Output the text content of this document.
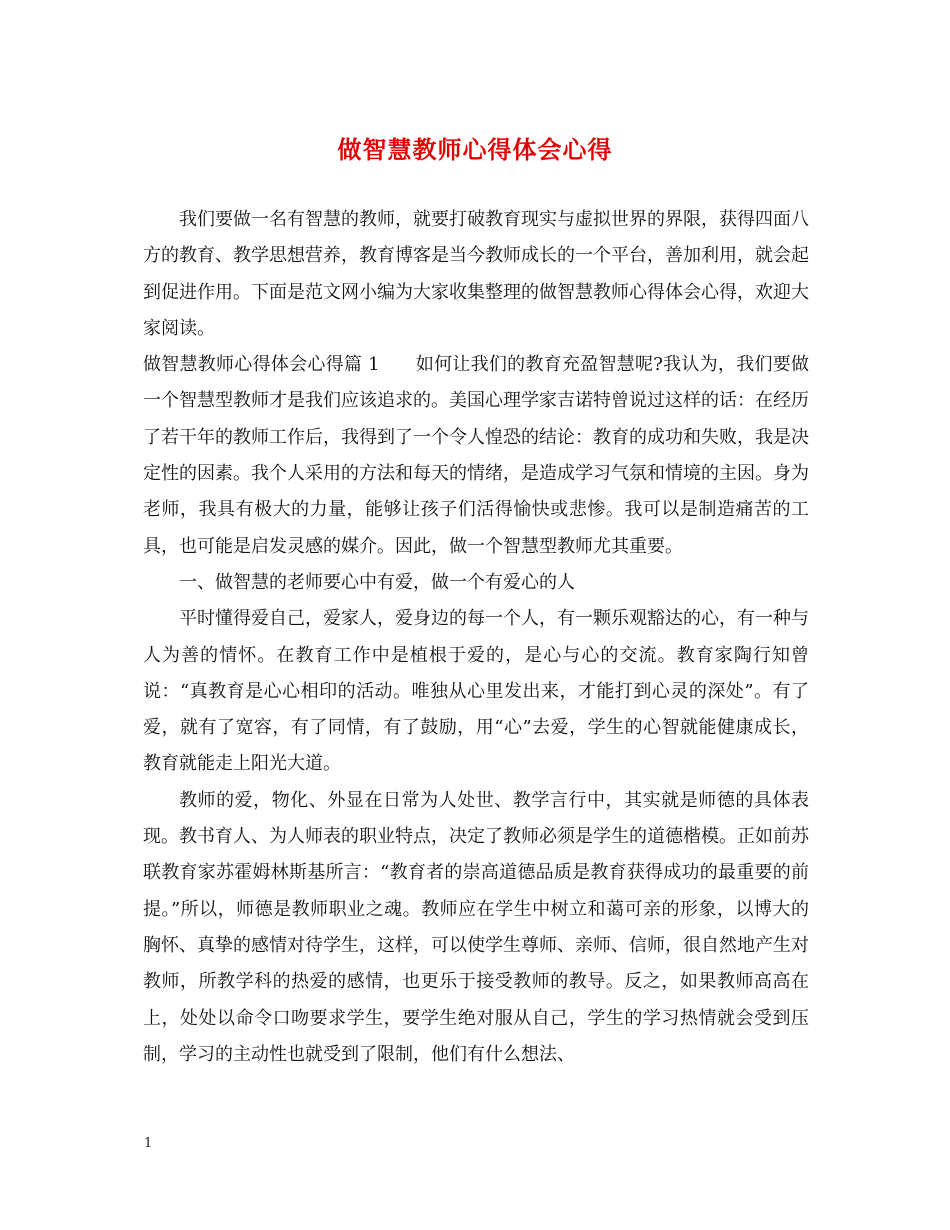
做智慧教师心得体会心得

我们要做一名有智慧的教师，就要打破教育现实与虚拟世界的界限，获得四面八方的教育、教学思想营养，教育博客是当今教师成长的一个平台，善加利用，就会起到促进作用。下面是范文网小编为大家收集整理的做智慧教师心得体会心得，欢迎大家阅读。

做智慧教师心得体会心得篇 1 如何让我们的教育充盈智慧呢?我认为，我们要做一个智慧型教师才是我们应该追求的。美国心理学家吉诺特曾说过这样的话：在经历了若干年的教师工作后，我得到了一个令人惶恐的结论：教育的成功和失败，我是决定性的因素。我个人采用的方法和每天的情绪，是造成学习气氛和情境的主因。身为老师，我具有极大的力量，能够让孩子们活得愉快或悲惨。我可以是制造痛苦的工具，也可能是启发灵感的媒介。因此，做一个智慧型教师尤其重要。

一、做智慧的老师要心中有爱，做一个有爱心的人

平时懂得爱自己，爱家人，爱身边的每一个人，有一颗乐观豁达的心，有一种与人为善的情怀。在教育工作中是植根于爱的，是心与心的交流。教育家陶行知曾说：“真教育是心心相印的活动。唯独从心里发出来，才能打到心灵的深处”。有了爱，就有了宽容，有了同情，有了鼓励，用“心”去爱，学生的心智就能健康成长，教育就能走上阳光大道。

教师的爱，物化、外显在日常为人处世、教学言行中，其实就是师德的具体表现。教书育人、为人师表的职业特点，决定了教师必须是学生的道德楷模。正如前苏联教育家苏霍姆林斯基所言：“教育者的崇高道德品质是教育获得成功的最重要的前提。”所以，师德是教师职业之魂。教师应在学生中树立和蔼可亲的形象，以博大的胸怀、真挚的感情对待学生，这样，可以使学生尊师、亲师、信师，很自然地产生对教师，所教学科的热爱的感情，也更乐于接受教师的教导。反之，如果教师高高在上，处处以命令口吻要求学生，要学生绝对服从自己，学生的学习热情就会受到压制，学习的主动性也就受到了限制，他们有什么想法、

1
